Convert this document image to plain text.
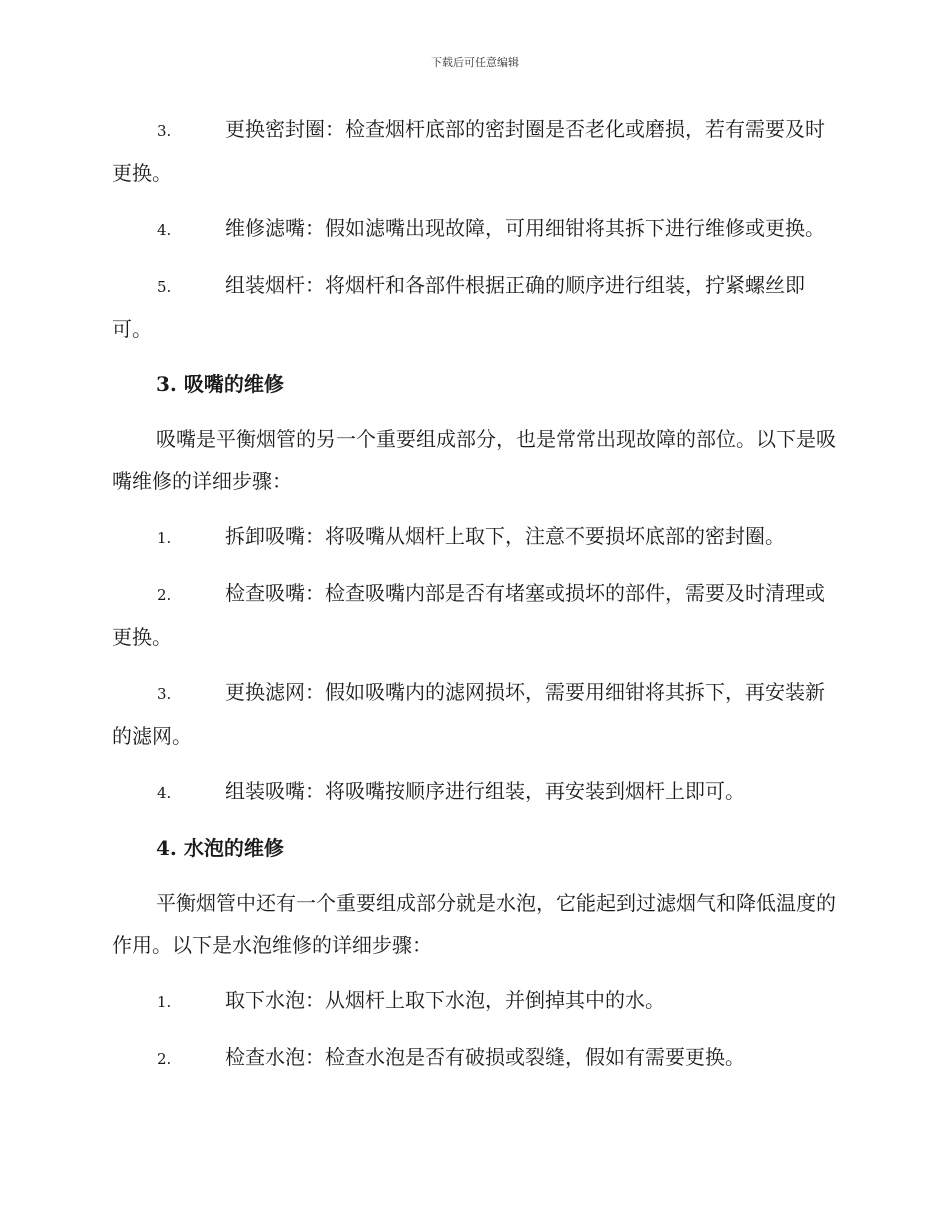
下载后可任意编辑

3.	更换密封圈：检查烟杆底部的密封圈是否老化或磨损，若有需要及时更换。

4.	维修滤嘴：假如滤嘴出现故障，可用细钳将其拆下进行维修或更换。

5.	组装烟杆：将烟杆和各部件根据正确的顺序进行组装，拧紧螺丝即可。

3. 吸嘴的维修

吸嘴是平衡烟管的另一个重要组成部分，也是常常出现故障的部位。以下是吸嘴维修的详细步骤：

1.	拆卸吸嘴：将吸嘴从烟杆上取下，注意不要损坏底部的密封圈。

2.	检查吸嘴：检查吸嘴内部是否有堵塞或损坏的部件，需要及时清理或更换。

3.	更换滤网：假如吸嘴内的滤网损坏，需要用细钳将其拆下，再安装新的滤网。

4.	组装吸嘴：将吸嘴按顺序进行组装，再安装到烟杆上即可。

4. 水泡的维修

平衡烟管中还有一个重要组成部分就是水泡，它能起到过滤烟气和降低温度的作用。以下是水泡维修的详细步骤：

1.	取下水泡：从烟杆上取下水泡，并倒掉其中的水。

2.	检查水泡：检查水泡是否有破损或裂缝，假如有需要更换。
